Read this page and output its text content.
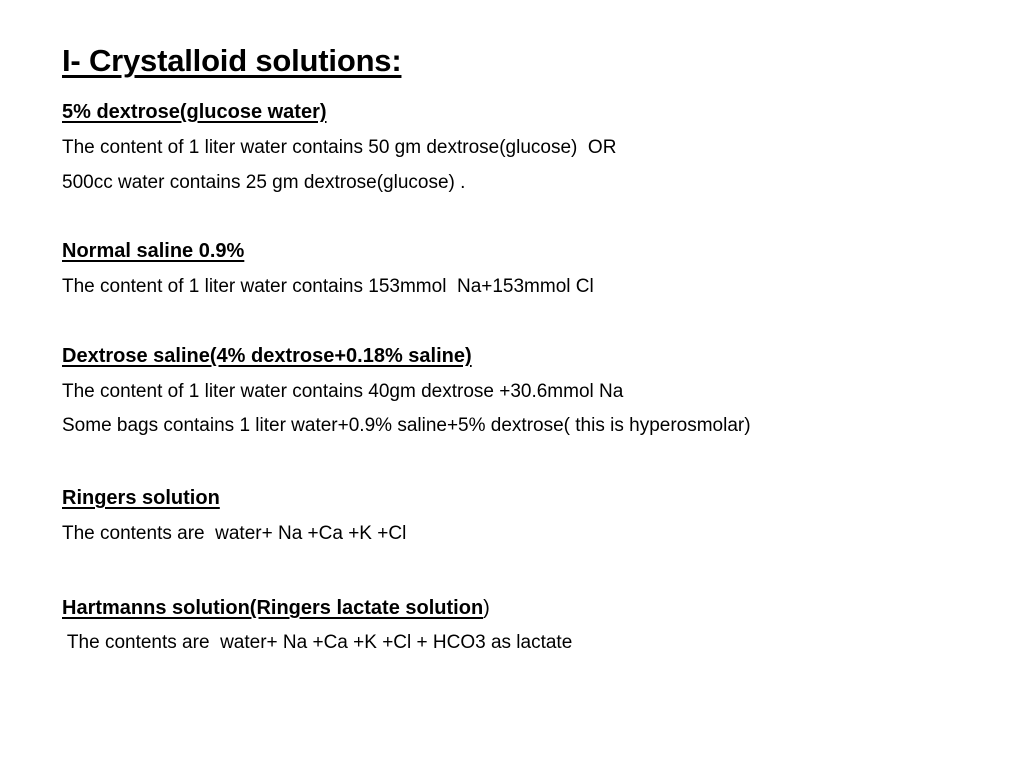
I- Crystalloid solutions:
5% dextrose(glucose water)
The content of 1 liter water contains 50 gm dextrose(glucose)  OR
500cc water contains 25 gm dextrose(glucose) .
Normal saline 0.9%
The content of 1 liter water contains 153mmol  Na+153mmol Cl
Dextrose saline(4% dextrose+0.18% saline)
The content of 1 liter water contains 40gm dextrose +30.6mmol Na
Some bags contains 1 liter water+0.9% saline+5% dextrose( this is hyperosmolar)
Ringers solution
The contents are  water+ Na +Ca +K +Cl
Hartmanns solution(Ringers lactate solution)
The contents are  water+ Na +Ca +K +Cl + HCO3 as lactate
